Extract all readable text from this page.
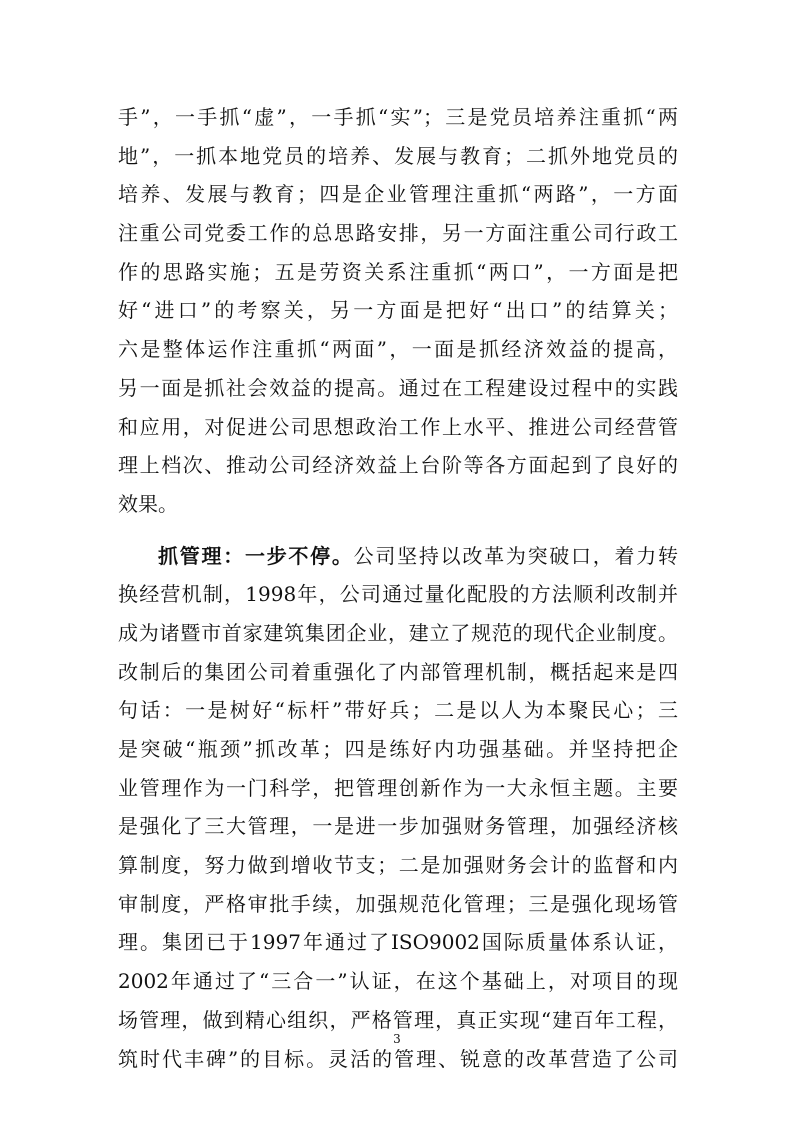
手”，一手抓“虚”，一手抓“实”；三是党员培养注重抓“两
地”，一抓本地党员的培养、发展与教育；二抓外地党员的
培养、发展与教育；四是企业管理注重抓“两路”，一方面
注重公司党委工作的总思路安排，另一方面注重公司行政工
作的思路实施；五是劳资关系注重抓“两口”，一方面是把
好“进口”的考察关，另一方面是把好“出口”的结算关；
六是整体运作注重抓“两面”，一面是抓经济效益的提高，
另一面是抓社会效益的提高。通过在工程建设过程中的实践
和应用，对促进公司思想政治工作上水平、推进公司经营管
理上档次、推动公司经济效益上台阶等各方面起到了良好的
效果。
抓管理：一步不停。公司坚持以改革为突破口，着力转
换经营机制，1998年，公司通过量化配股的方法顺利改制并
成为诸暨市首家建筑集团企业，建立了规范的现代企业制度。
改制后的集团公司着重强化了内部管理机制，概括起来是四
句话：一是树好“标杆”带好兵；二是以人为本聚民心；三
是突破“瓶颈”抓改革；四是练好内功强基础。并坚持把企
业管理作为一门科学，把管理创新作为一大永恒主题。主要
是强化了三大管理，一是进一步加强财务管理，加强经济核
算制度，努力做到增收节支；二是加强财务会计的监督和内
审制度，严格审批手续，加强规范化管理；三是强化现场管
理。集团已于1997年通过了ISO9002国际质量体系认证，
2002年通过了“三合一”认证，在这个基础上，对项目的现
场管理，做到精心组织，严格管理，真正实现“建百年工程，
筑时代丰碑”的目标。灵活的管理、锐意的改革营造了公司
3
